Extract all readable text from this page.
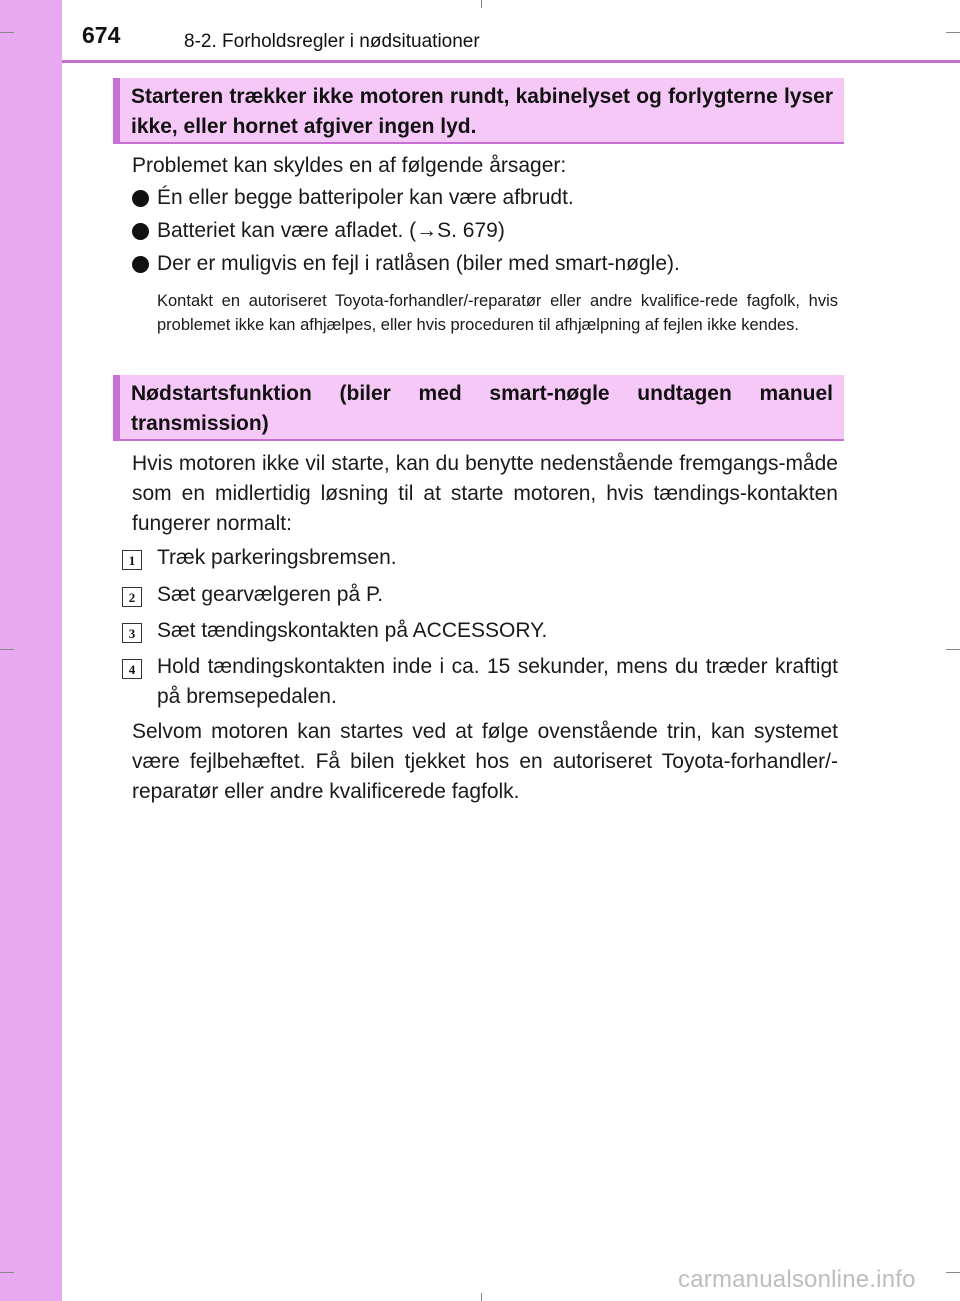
674	8-2. Forholdsregler i nødsituationer
Starteren trækker ikke motoren rundt, kabinelyset og forlygterne lyser ikke, eller hornet afgiver ingen lyd.
Problemet kan skyldes en af følgende årsager:
Én eller begge batteripoler kan være afbrudt.
Batteriet kan være afladet. (→S. 679)
Der er muligvis en fejl i ratlåsen (biler med smart-nøgle).
Kontakt en autoriseret Toyota-forhandler/-reparatør eller andre kvalifice-rede fagfolk, hvis problemet ikke kan afhjælpes, eller hvis proceduren til afhjælpning af fejlen ikke kendes.
Nødstartsfunktion (biler med smart-nøgle undtagen manuel transmission)
Hvis motoren ikke vil starte, kan du benytte nedenstående fremgangs-måde som en midlertidig løsning til at starte motoren, hvis tændings-kontakten fungerer normalt:
1	Træk parkeringsbremsen.
2	Sæt gearvælgeren på P.
3	Sæt tændingskontakten på ACCESSORY.
4	Hold tændingskontakten inde i ca. 15 sekunder, mens du træder kraftigt på bremsepedalen.
Selvom motoren kan startes ved at følge ovenstående trin, kan systemet være fejlbehæftet. Få bilen tjekket hos en autoriseret Toyota-forhandler/-reparatør eller andre kvalificerede fagfolk.
carmanualsonline.info
